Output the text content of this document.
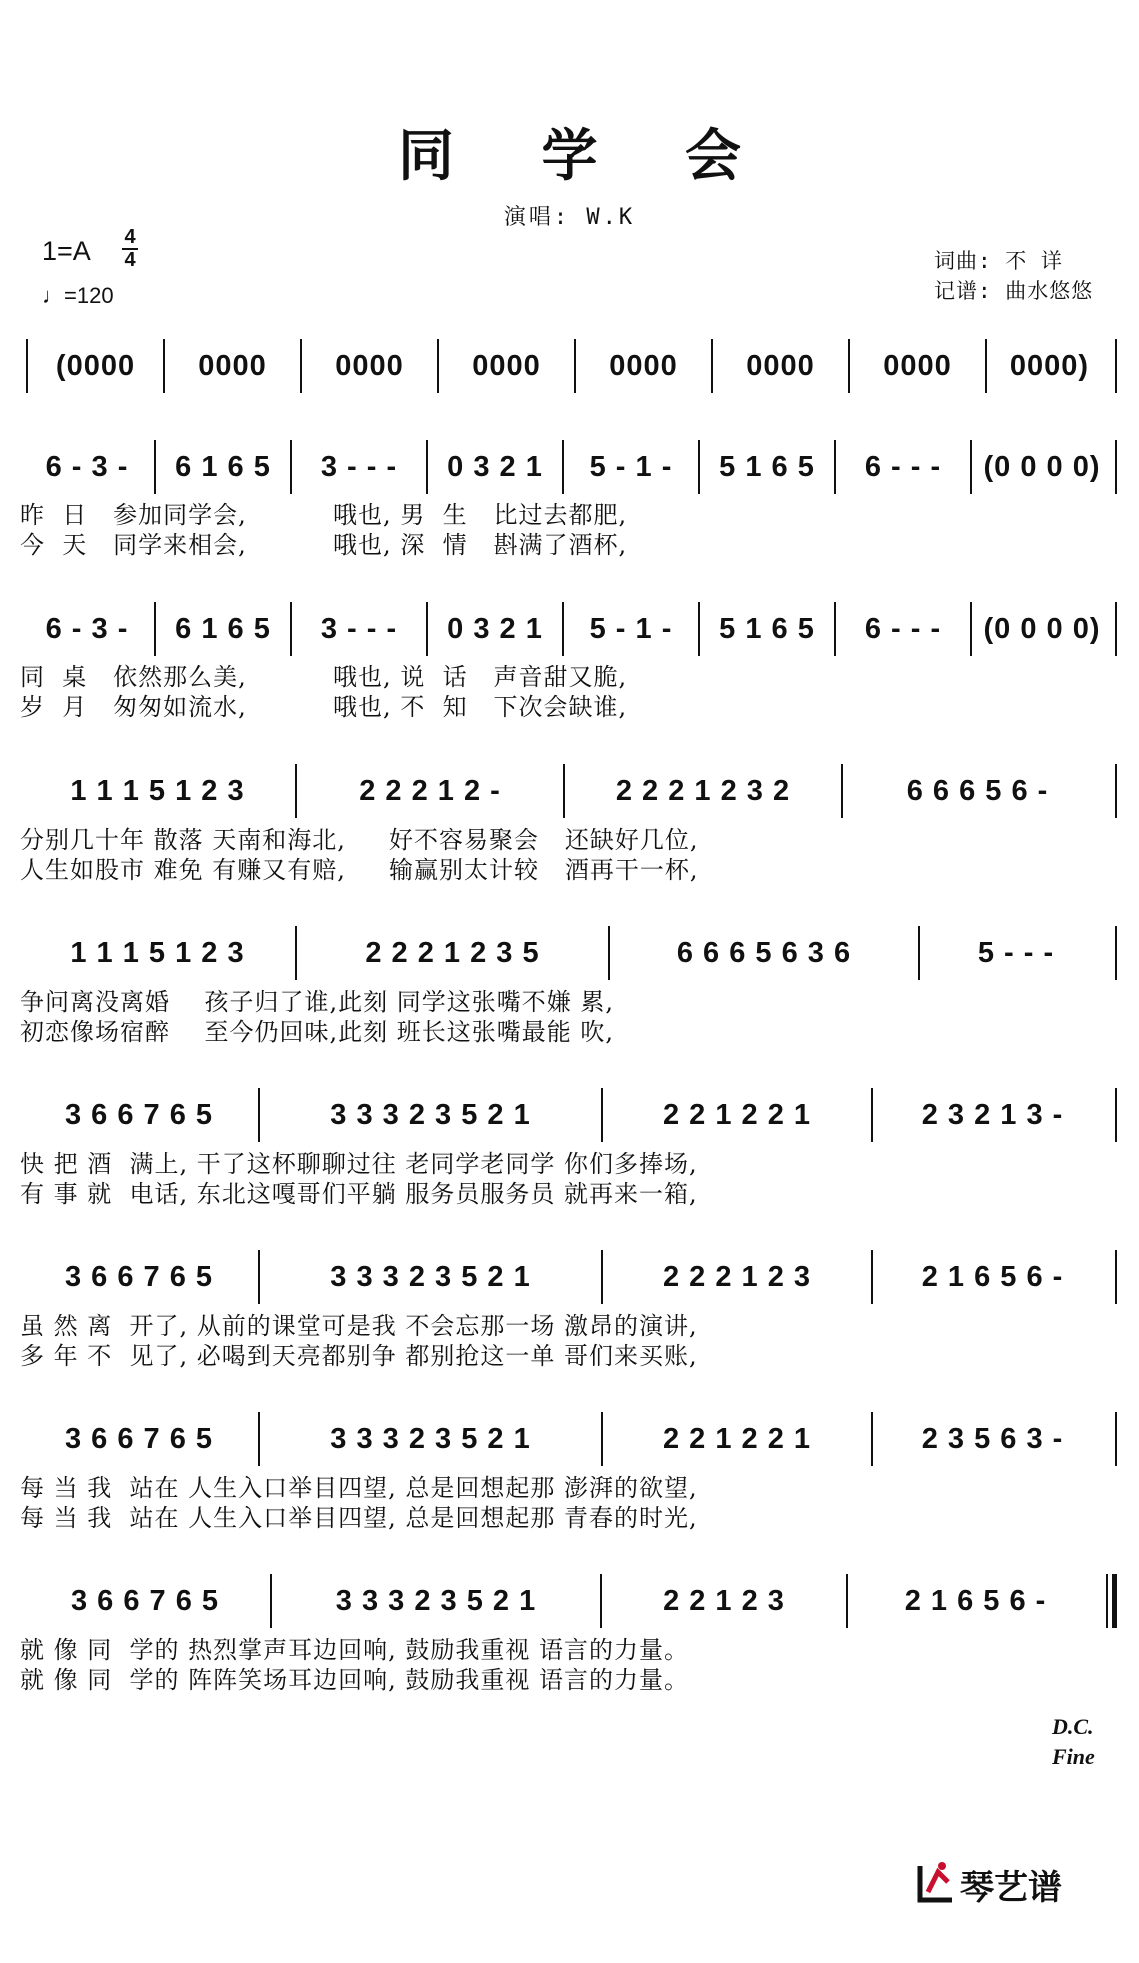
同 学 会
演唱: W.K
1=A 4
4
♩=120
词曲: 不 详
记谱: 曲水悠悠
(0000	0000	0000	0000	0000	0000	0000	0000)
6 - 3 -	6 1 6 5	3 - - -	0 3 2 1	5 - 1 -	5 1 6 5	6 - - -	(0 0 0 0)
昨  日   参加同学会,          哦也, 男  生   比过去都肥,
今  天   同学来相会,          哦也, 深  情   斟满了酒杯,
6 - 3 -	6 1 6 5	3 - - -	0 3 2 1	5 - 1 -	5 1 6 5	6 - - -	(0 0 0 0)
同  桌   依然那么美,          哦也, 说  话   声音甜又脆,
岁  月   匆匆如流水,          哦也, 不  知   下次会缺谁,
1 1 1 5 1 2 3	2 2 2 1 2 -	2 2 2 1 2 3 2	6 6 6 5 6 -
分别几十年 散落 天南和海北,     好不容易聚会   还缺好几位,
人生如股市 难免 有赚又有赔,     输赢别太计较   酒再干一杯,
1 1 1 5 1 2 3	2 2 2 1 2 3 5	6 6 6 5 6 3 6	5 - - -
争问离没离婚    孩子归了谁,此刻 同学这张嘴不嫌 累,
初恋像场宿醉    至今仍回味,此刻 班长这张嘴最能 吹,
3 6 6 7 6 5	3 3 3 2 3 5 2 1	2 2 1 2 2 1	2 3 2 1 3 -
快 把 酒  满上, 干了这杯聊聊过往 老同学老同学 你们多捧场,
有 事 就  电话, 东北这嘎哥们平躺 服务员服务员 就再来一箱,
3 6 6 7 6 5	3 3 3 2 3 5 2 1	2 2 2 1 2 3	2 1 6 5 6 -
虽 然 离  开了, 从前的课堂可是我 不会忘那一场 激昂的演讲,
多 年 不  见了, 必喝到天亮都别争 都别抢这一单 哥们来买账,
3 6 6 7 6 5	3 3 3 2 3 5 2 1	2 2 1 2 2 1	2 3 5 6 3 -
每 当 我  站在 人生入口举目四望, 总是回想起那 澎湃的欲望,
每 当 我  站在 人生入口举目四望, 总是回想起那 青春的时光,
3 6 6 7 6 5	3 3 3 2 3 5 2 1	2 2 1 2 3	2 1 6 5 6 -
就 像 同  学的 热烈掌声耳边回响, 鼓励我重视 语言的力量。
就 像 同  学的 阵阵笑场耳边回响, 鼓励我重视 语言的力量。
D.C.
Fine
琴艺谱
